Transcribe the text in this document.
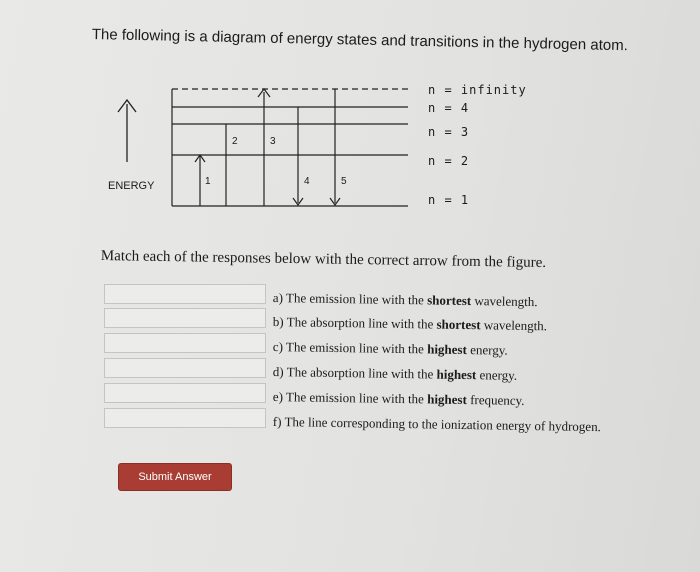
The following is a diagram of energy states and transitions in the hydrogen atom.
ENERGY
n = infinity
n = 4
n = 3
n = 2
n = 1
1
2	3
4	5
Match each of the responses below with the correct arrow from the figure.
a) The emission line with the shortest wavelength.
b) The absorption line with the shortest wavelength.
c) The emission line with the highest energy.
d) The absorption line with the highest energy.
e) The emission line with the highest frequency.
f) The line corresponding to the ionization energy of hydrogen.
Submit Answer
